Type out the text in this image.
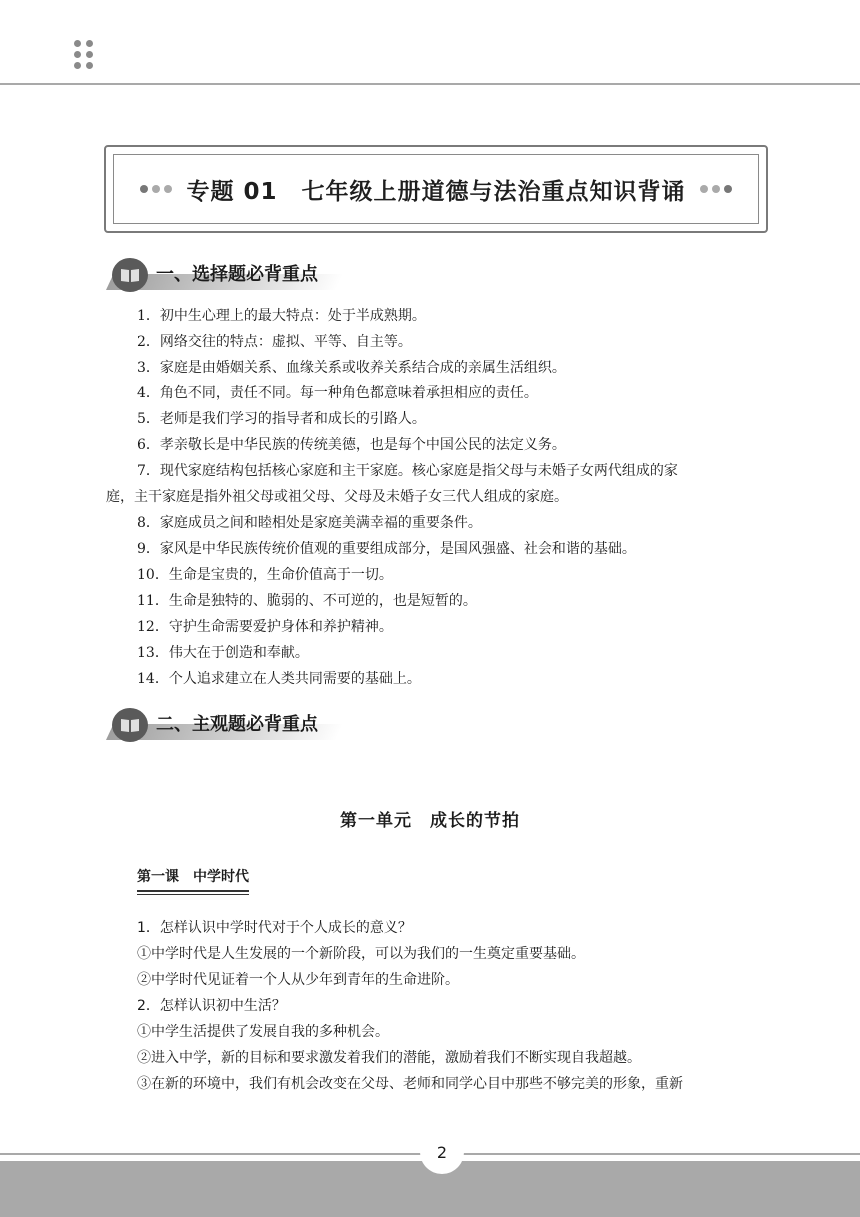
专题 01　七年级上册道德与法治重点知识背诵
一、选择题必背重点
1．初中生心理上的最大特点：处于半成熟期。
2．网络交往的特点：虚拟、平等、自主等。
3．家庭是由婚姻关系、血缘关系或收养关系结合成的亲属生活组织。
4．角色不同，责任不同。每一种角色都意味着承担相应的责任。
5．老师是我们学习的指导者和成长的引路人。
6．孝亲敬长是中华民族的传统美德，也是每个中国公民的法定义务。
7．现代家庭结构包括核心家庭和主干家庭。核心家庭是指父母与未婚子女两代组成的家
庭，主干家庭是指外祖父母或祖父母、父母及未婚子女三代人组成的家庭。
8．家庭成员之间和睦相处是家庭美满幸福的重要条件。
9．家风是中华民族传统价值观的重要组成部分，是国风强盛、社会和谐的基础。
10．生命是宝贵的，生命价值高于一切。
11．生命是独特的、脆弱的、不可逆的，也是短暂的。
12．守护生命需要爱护身体和养护精神。
13．伟大在于创造和奉献。
14．个人追求建立在人类共同需要的基础上。
二、主观题必背重点
第一单元　成长的节拍
第一课　中学时代
1．怎样认识中学时代对于个人成长的意义？
①中学时代是人生发展的一个新阶段，可以为我们的一生奠定重要基础。
②中学时代见证着一个人从少年到青年的生命进阶。
2．怎样认识初中生活？
①中学生活提供了发展自我的多种机会。
②进入中学，新的目标和要求激发着我们的潜能，激励着我们不断实现自我超越。
③在新的环境中，我们有机会改变在父母、老师和同学心目中那些不够完美的形象，重新
2
